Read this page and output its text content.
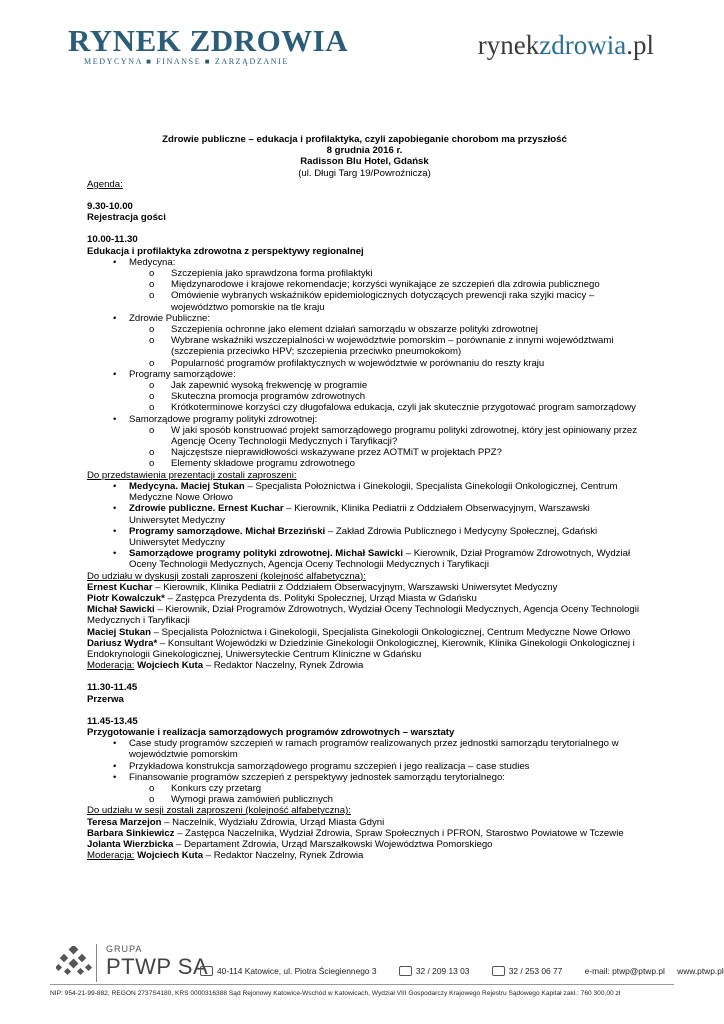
RYNEK ZDROWIA
MEDYCYNA ■ FINANSE ■ ZARZĄDZANIE
rynekzdrowia.pl
Zdrowie publiczne – edukacja i profilaktyka, czyli zapobieganie chorobom ma przyszłość
8 grudnia 2016 r.
Radisson Blu Hotel, Gdańsk
(ul. Długi Targ 19/Powroźnicza)
Agenda:
9.30-10.00
Rejestracja gości
10.00-11.30
Edukacja i profilaktyka zdrowotna z perspektywy regionalnej
• Medycyna:
o Szczepienia jako sprawdzona forma profilaktyki
o Międzynarodowe i krajowe rekomendacje; korzyści wynikające ze szczepień dla zdrowia publicznego
o Omówienie wybranych wskaźników epidemiologicznych dotyczących prewencji raka szyjki macicy – województwo pomorskie na tle kraju
• Zdrowie Publiczne:
o Szczepienia ochronne jako element działań samorządu w obszarze polityki zdrowotnej
o Wybrane wskaźniki wszczepialności w województwie pomorskim – porównanie z innymi województwami (szczepienia przeciwko HPV; szczepienia przeciwko pneumokokom)
o Popularność programów profilaktycznych w województwie w porównaniu do reszty kraju
• Programy samorządowe:
o Jak zapewnić wysoką frekwencję w programie
o Skuteczna promocja programów zdrowotnych
o Krótkoterminowe korzyści czy długofalowa edukacja, czyli jak skutecznie przygotować program samorządowy
• Samorządowe programy polityki zdrowotnej:
o W jaki sposób konstruować projekt samorządowego programu polityki zdrowotnej, który jest opiniowany przez Agencję Oceny Technologii Medycznych i Taryfikacji?
o Najczęstsze nieprawidłowości wskazywane przez AOTMiT w projektach PPZ?
o Elementy składowe programu zdrowotnego
Do przedstawienia prezentacji zostali zaproszeni:
• Medycyna. Maciej Stukan – Specjalista Położnictwa i Ginekologii, Specjalista Ginekologii Onkologicznej, Centrum Medyczne Nowe Orłowo
• Zdrowie publiczne. Ernest Kuchar – Kierownik, Klinika Pediatrii z Oddziałem Obserwacyjnym, Warszawski Uniwersytet Medyczny
• Programy samorządowe. Michał Brzeziński – Zakład Zdrowia Publicznego i Medycyny Społecznej, Gdański Uniwersytet Medyczny
• Samorządowe programy polityki zdrowotnej. Michał Sawicki – Kierownik, Dział Programów Zdrowotnych, Wydział Oceny Technologii Medycznych, Agencja Oceny Technologii Medycznych i Taryfikacji
Do udziału w dyskusji zostali zaproszeni (kolejność alfabetyczna):
Ernest Kuchar – Kierownik, Klinika Pediatrii z Oddziałem Obserwacyjnym, Warszawski Uniwersytet Medyczny
Piotr Kowalczuk* – Zastępca Prezydenta ds. Polityki Społecznej, Urząd Miasta w Gdańsku
Michał Sawicki – Kierownik, Dział Programów Zdrowotnych, Wydział Oceny Technologii Medycznych, Agencja Oceny Technologii Medycznych i Taryfikacji
Maciej Stukan – Specjalista Położnictwa i Ginekologii, Specjalista Ginekologii Onkologicznej, Centrum Medyczne Nowe Orłowo
Dariusz Wydra* – Konsultant Wojewódzki w Dziedzinie Ginekologii Onkologicznej, Kierownik, Klinika Ginekologii Onkologicznej i Endokrynologii Ginekologicznej, Uniwersyteckie Centrum Kliniczne w Gdańsku
Moderacja: Wojciech Kuta – Redaktor Naczelny, Rynek Zdrowia
11.30-11.45
Przerwa
11.45-13.45
Przygotowanie i realizacja samorządowych programów zdrowotnych – warsztaty
• Case study programów szczepień w ramach programów realizowanych przez jednostki samorządu terytorialnego w województwie pomorskim
• Przykładowa konstrukcja samorządowego programu szczepień i jego realizacja – case studies
• Finansowanie programów szczepień z perspektywy jednostek samorządu terytorialnego:
o Konkurs czy przetarg
o Wymogi prawa zamówień publicznych
Do udziału w sesji zostali zaproszeni (kolejność alfabetyczna):
Teresa Marzejon – Naczelnik, Wydziału Zdrowia, Urząd Miasta Gdyni
Barbara Sinkiewicz – Zastępca Naczelnika, Wydział Zdrowia, Spraw Społecznych i PFRON, Starostwo Powiatowe w Tczewie
Jolanta Wierzbicka – Departament Zdrowia, Urząd Marszałkowski Województwa Pomorskiego
Moderacja: Wojciech Kuta – Redaktor Naczelny, Rynek Zdrowia
GRUPA
PTWP SA	40-114 Katowice, ul. Piotra Ściegiennego 3	32 / 209 13 03	32 / 253 06 77	e-mail: ptwp@ptwp.pl www.ptwp.pl
NIP: 954-21-99-882, REGON 2737S4180, KRS 0000316388 Sąd Rejonowy Katowice-Wschód w Katowicach, Wydział VIII Gospodarczy Krajowego Rejestru Sądowego Kapitał zakł.: 760 300,00 zł
